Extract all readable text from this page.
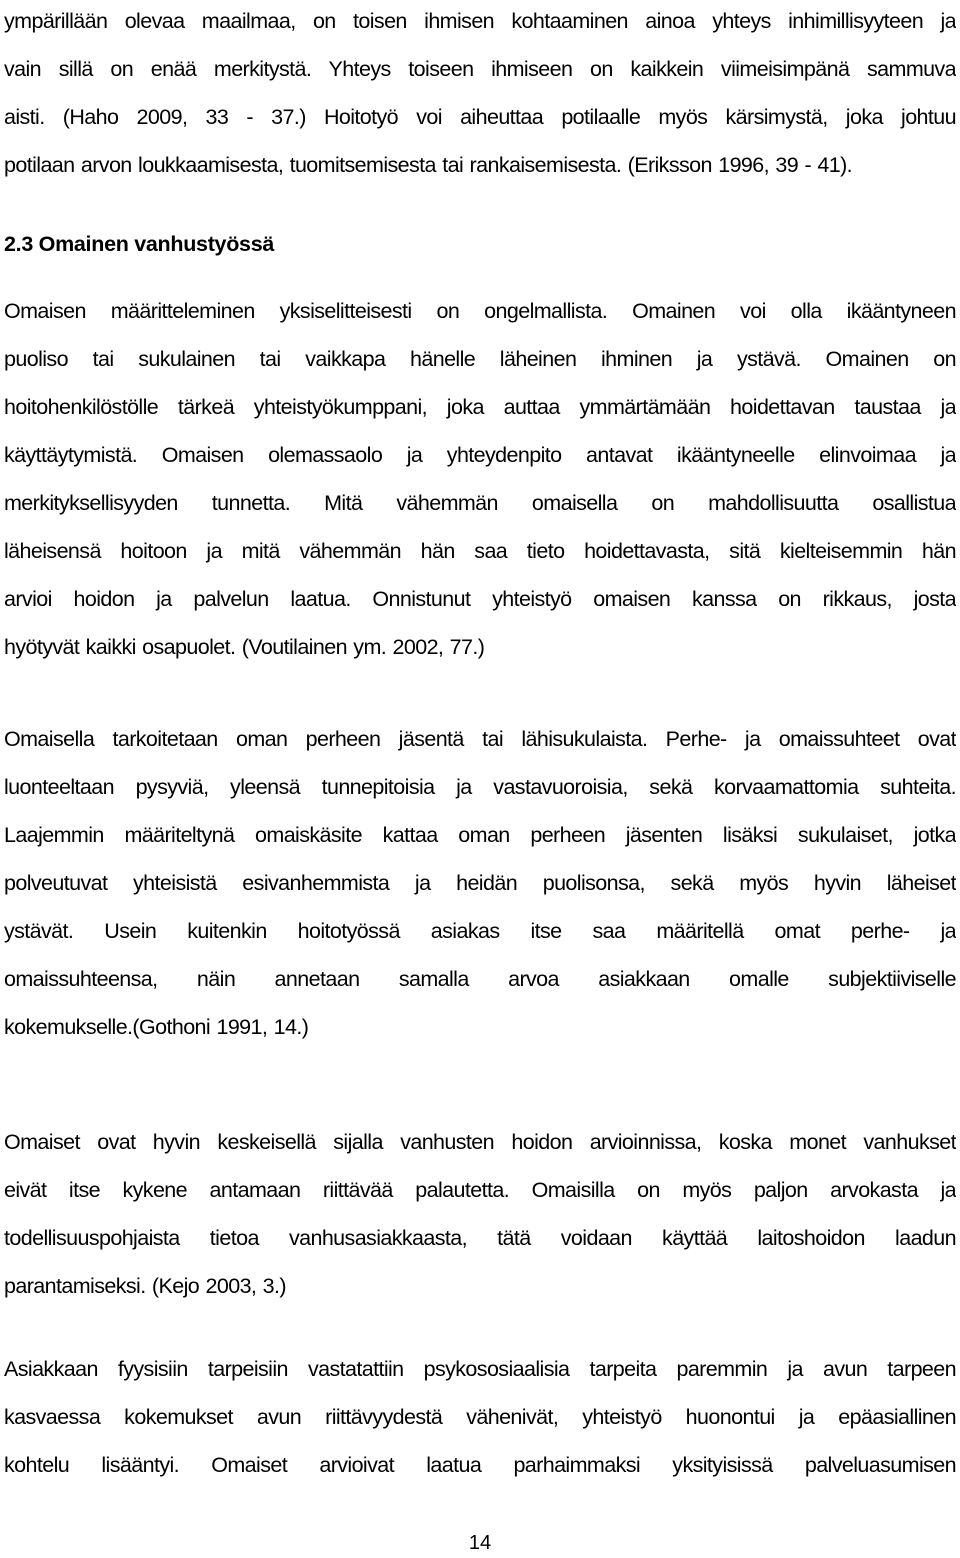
ympärillään olevaa maailmaa, on toisen ihmisen kohtaaminen ainoa yhteys inhimillisyyteen ja
vain sillä on enää merkitystä. Yhteys toiseen ihmiseen on kaikkein viimeisimpänä sammuva
aisti. (Haho 2009, 33 - 37.) Hoitotyö voi aiheuttaa potilaalle myös kärsimystä, joka johtuu
potilaan arvon loukkaamisesta, tuomitsemisesta tai rankaisemisesta. (Eriksson 1996, 39 - 41).
2.3 Omainen vanhustyössä
Omaisen määritteleminen yksiselitteisesti on ongelmallista. Omainen voi olla ikääntyneen
puoliso tai sukulainen tai vaikkapa hänelle läheinen ihminen ja ystävä. Omainen on
hoitohenkilöstölle tärkeä yhteistyökumppani, joka auttaa ymmärtämään hoidettavan taustaa ja
käyttäytymistä. Omaisen olemassaolo ja yhteydenpito antavat ikääntyneelle elinvoimaa ja
merkityksellisyyden tunnetta. Mitä vähemmän omaisella on mahdollisuutta osallistua
läheisensä hoitoon ja mitä vähemmän hän saa tieto hoidettavasta, sitä kielteisemmin hän
arvioi hoidon ja palvelun laatua. Onnistunut yhteistyö omaisen kanssa on rikkaus, josta
hyötyvät kaikki osapuolet. (Voutilainen ym. 2002, 77.)
Omaisella tarkoitetaan oman perheen jäsentä tai lähisukulaista. Perhe- ja omaissuhteet ovat
luonteeltaan pysyviä, yleensä tunnepitoisia ja vastavuoroisia, sekä korvaamattomia suhteita.
Laajemmin määriteltynä omaiskäsite kattaa oman perheen jäsenten lisäksi sukulaiset, jotka
polveutuvat yhteisistä esivanhemmista ja heidän puolisonsa, sekä myös hyvin läheiset
ystävät. Usein kuitenkin hoitotyössä asiakas itse saa määritellä omat perhe- ja
omaissuhteensa, näin annetaan samalla arvoa asiakkaan omalle subjektiiviselle
kokemukselle.(Gothoni 1991, 14.)
Omaiset ovat hyvin keskeisellä sijalla vanhusten hoidon arvioinnissa, koska monet vanhukset
eivät itse kykene antamaan riittävää palautetta. Omaisilla on myös paljon arvokasta ja
todellisuuspohjaista tietoa vanhusasiakkaasta, tätä voidaan käyttää laitoshoidon laadun
parantamiseksi. (Kejo 2003, 3.)
Asiakkaan fyysisiin tarpeisiin vastatattiin psykososiaalisia tarpeita paremmin ja avun tarpeen
kasvaessa kokemukset avun riittävyydestä vähenivät, yhteistyö huonontui ja epäasiallinen
kohtelu lisääntyi. Omaiset arvioivat laatua parhaimmaksi yksityisissä palveluasumisen
14
